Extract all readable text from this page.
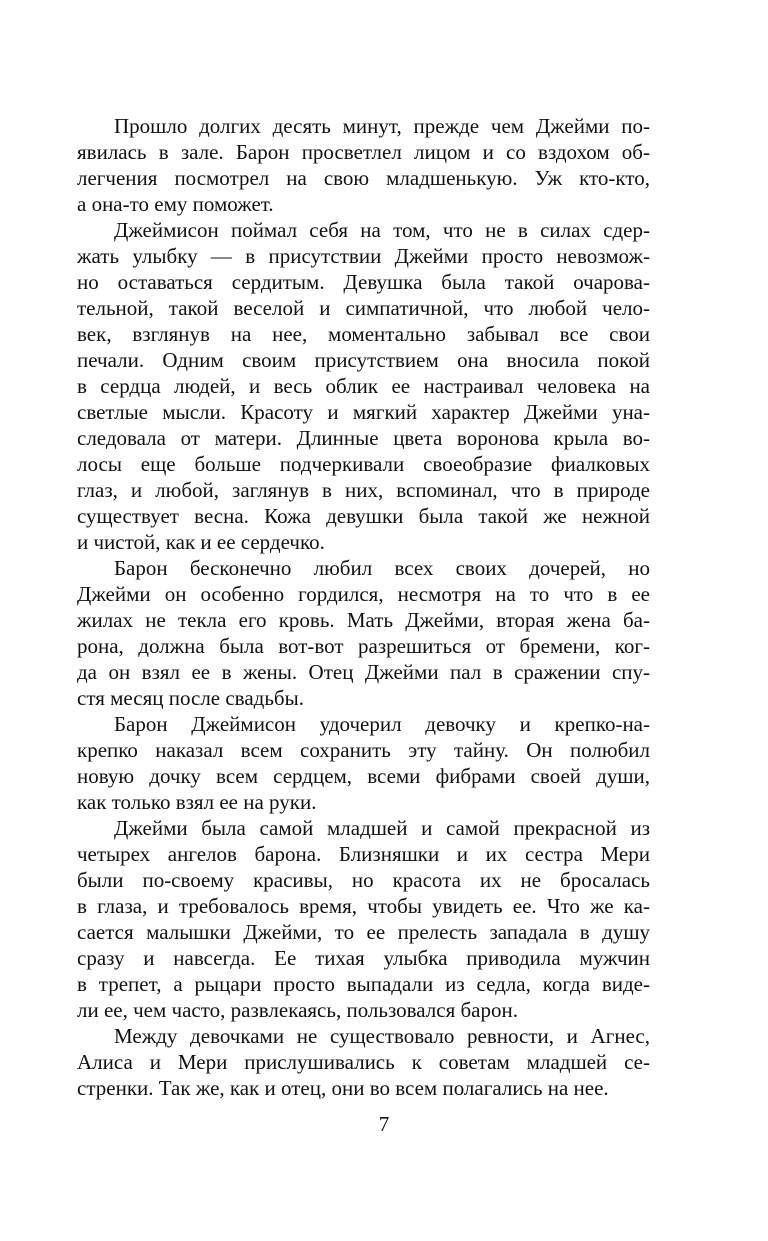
Прошло долгих десять минут, прежде чем Джейми по-
явилась в зале. Барон просветлел лицом и со вздохом об-
легчения посмотрел на свою младшенькую. Уж кто-кто,
а она-то ему поможет.
Джеймисон поймал себя на том, что не в силах сдер-
жать улыбку — в присутствии Джейми просто невозмож-
но оставаться сердитым. Девушка была такой очарова-
тельной, такой веселой и симпатичной, что любой чело-
век, взглянув на нее, моментально забывал все свои
печали. Одним своим присутствием она вносила покой
в сердца людей, и весь облик ее настраивал человека на
светлые мысли. Красоту и мягкий характер Джейми уна-
следовала от матери. Длинные цвета воронова крыла во-
лосы еще больше подчеркивали своеобразие фиалковых
глаз, и любой, заглянув в них, вспоминал, что в природе
существует весна. Кожа девушки была такой же нежной
и чистой, как и ее сердечко.
Барон бесконечно любил всех своих дочерей, но
Джейми он особенно гордился, несмотря на то что в ее
жилах не текла его кровь. Мать Джейми, вторая жена ба-
рона, должна была вот-вот разрешиться от бремени, ког-
да он взял ее в жены. Отец Джейми пал в сражении спу-
стя месяц после свадьбы.
Барон Джеймисон удочерил девочку и крепко-на-
крепко наказал всем сохранить эту тайну. Он полюбил
новую дочку всем сердцем, всеми фибрами своей души,
как только взял ее на руки.
Джейми была самой младшей и самой прекрасной из
четырех ангелов барона. Близняшки и их сестра Мери
были по-своему красивы, но красота их не бросалась
в глаза, и требовалось время, чтобы увидеть ее. Что же ка-
сается малышки Джейми, то ее прелесть западала в душу
сразу и навсегда. Ее тихая улыбка приводила мужчин
в трепет, а рыцари просто выпадали из седла, когда виде-
ли ее, чем часто, развлекаясь, пользовался барон.
Между девочками не существовало ревности, и Агнес,
Алиса и Мери прислушивались к советам младшей се-
стренки. Так же, как и отец, они во всем полагались на нее.
7
